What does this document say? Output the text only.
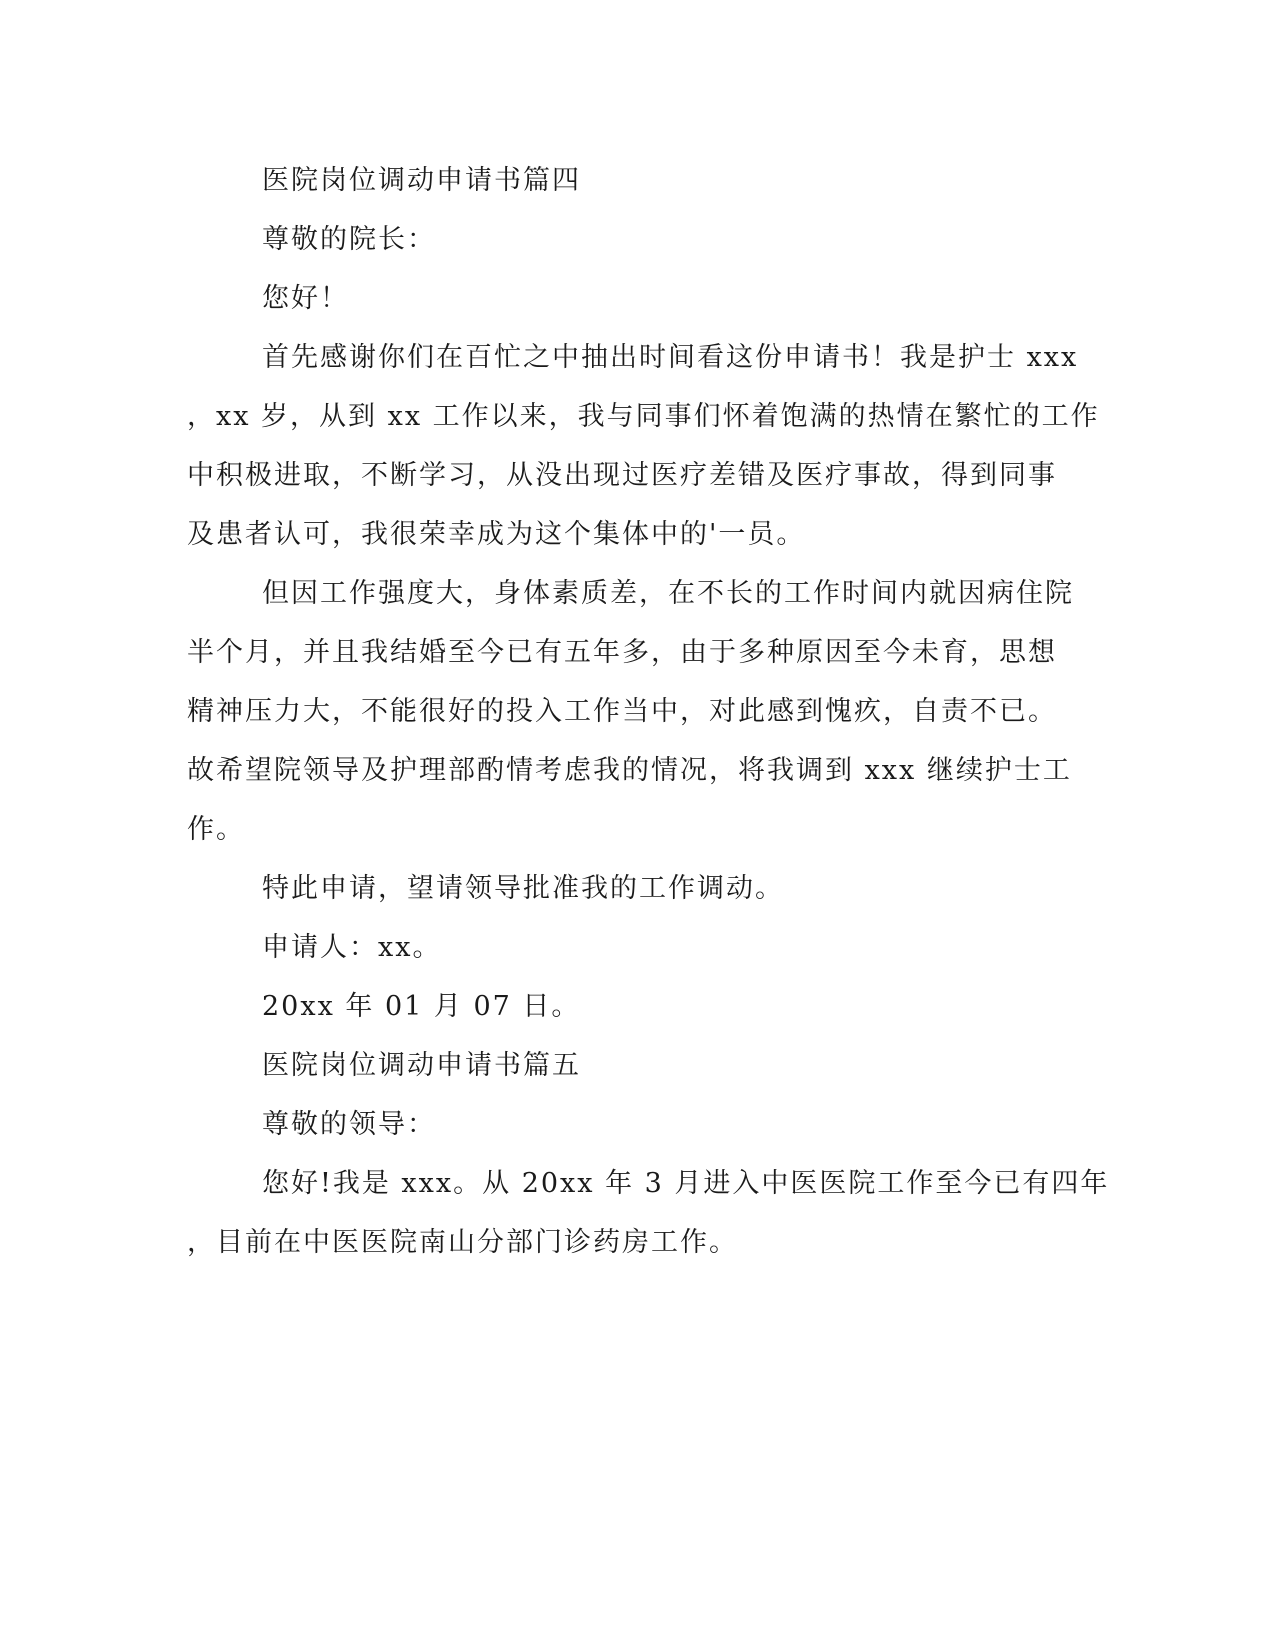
医院岗位调动申请书篇四
尊敬的院长：
您好！
首先感谢你们在百忙之中抽出时间看这份申请书！我是护士 xxx
，xx 岁，从到 xx 工作以来，我与同事们怀着饱满的热情在繁忙的工作
中积极进取，不断学习，从没出现过医疗差错及医疗事故，得到同事
及患者认可，我很荣幸成为这个集体中的'一员。
但因工作强度大，身体素质差，在不长的工作时间内就因病住院
半个月，并且我结婚至今已有五年多，由于多种原因至今未育，思想
精神压力大，不能很好的投入工作当中，对此感到愧疚，自责不已。
故希望院领导及护理部酌情考虑我的情况，将我调到 xxx 继续护士工
作。
特此申请，望请领导批准我的工作调动。
申请人：xx。
20xx 年 01 月 07 日。
医院岗位调动申请书篇五
尊敬的领导：
您好!我是 xxx。从 20xx 年 3 月进入中医医院工作至今已有四年
，目前在中医医院南山分部门诊药房工作。
